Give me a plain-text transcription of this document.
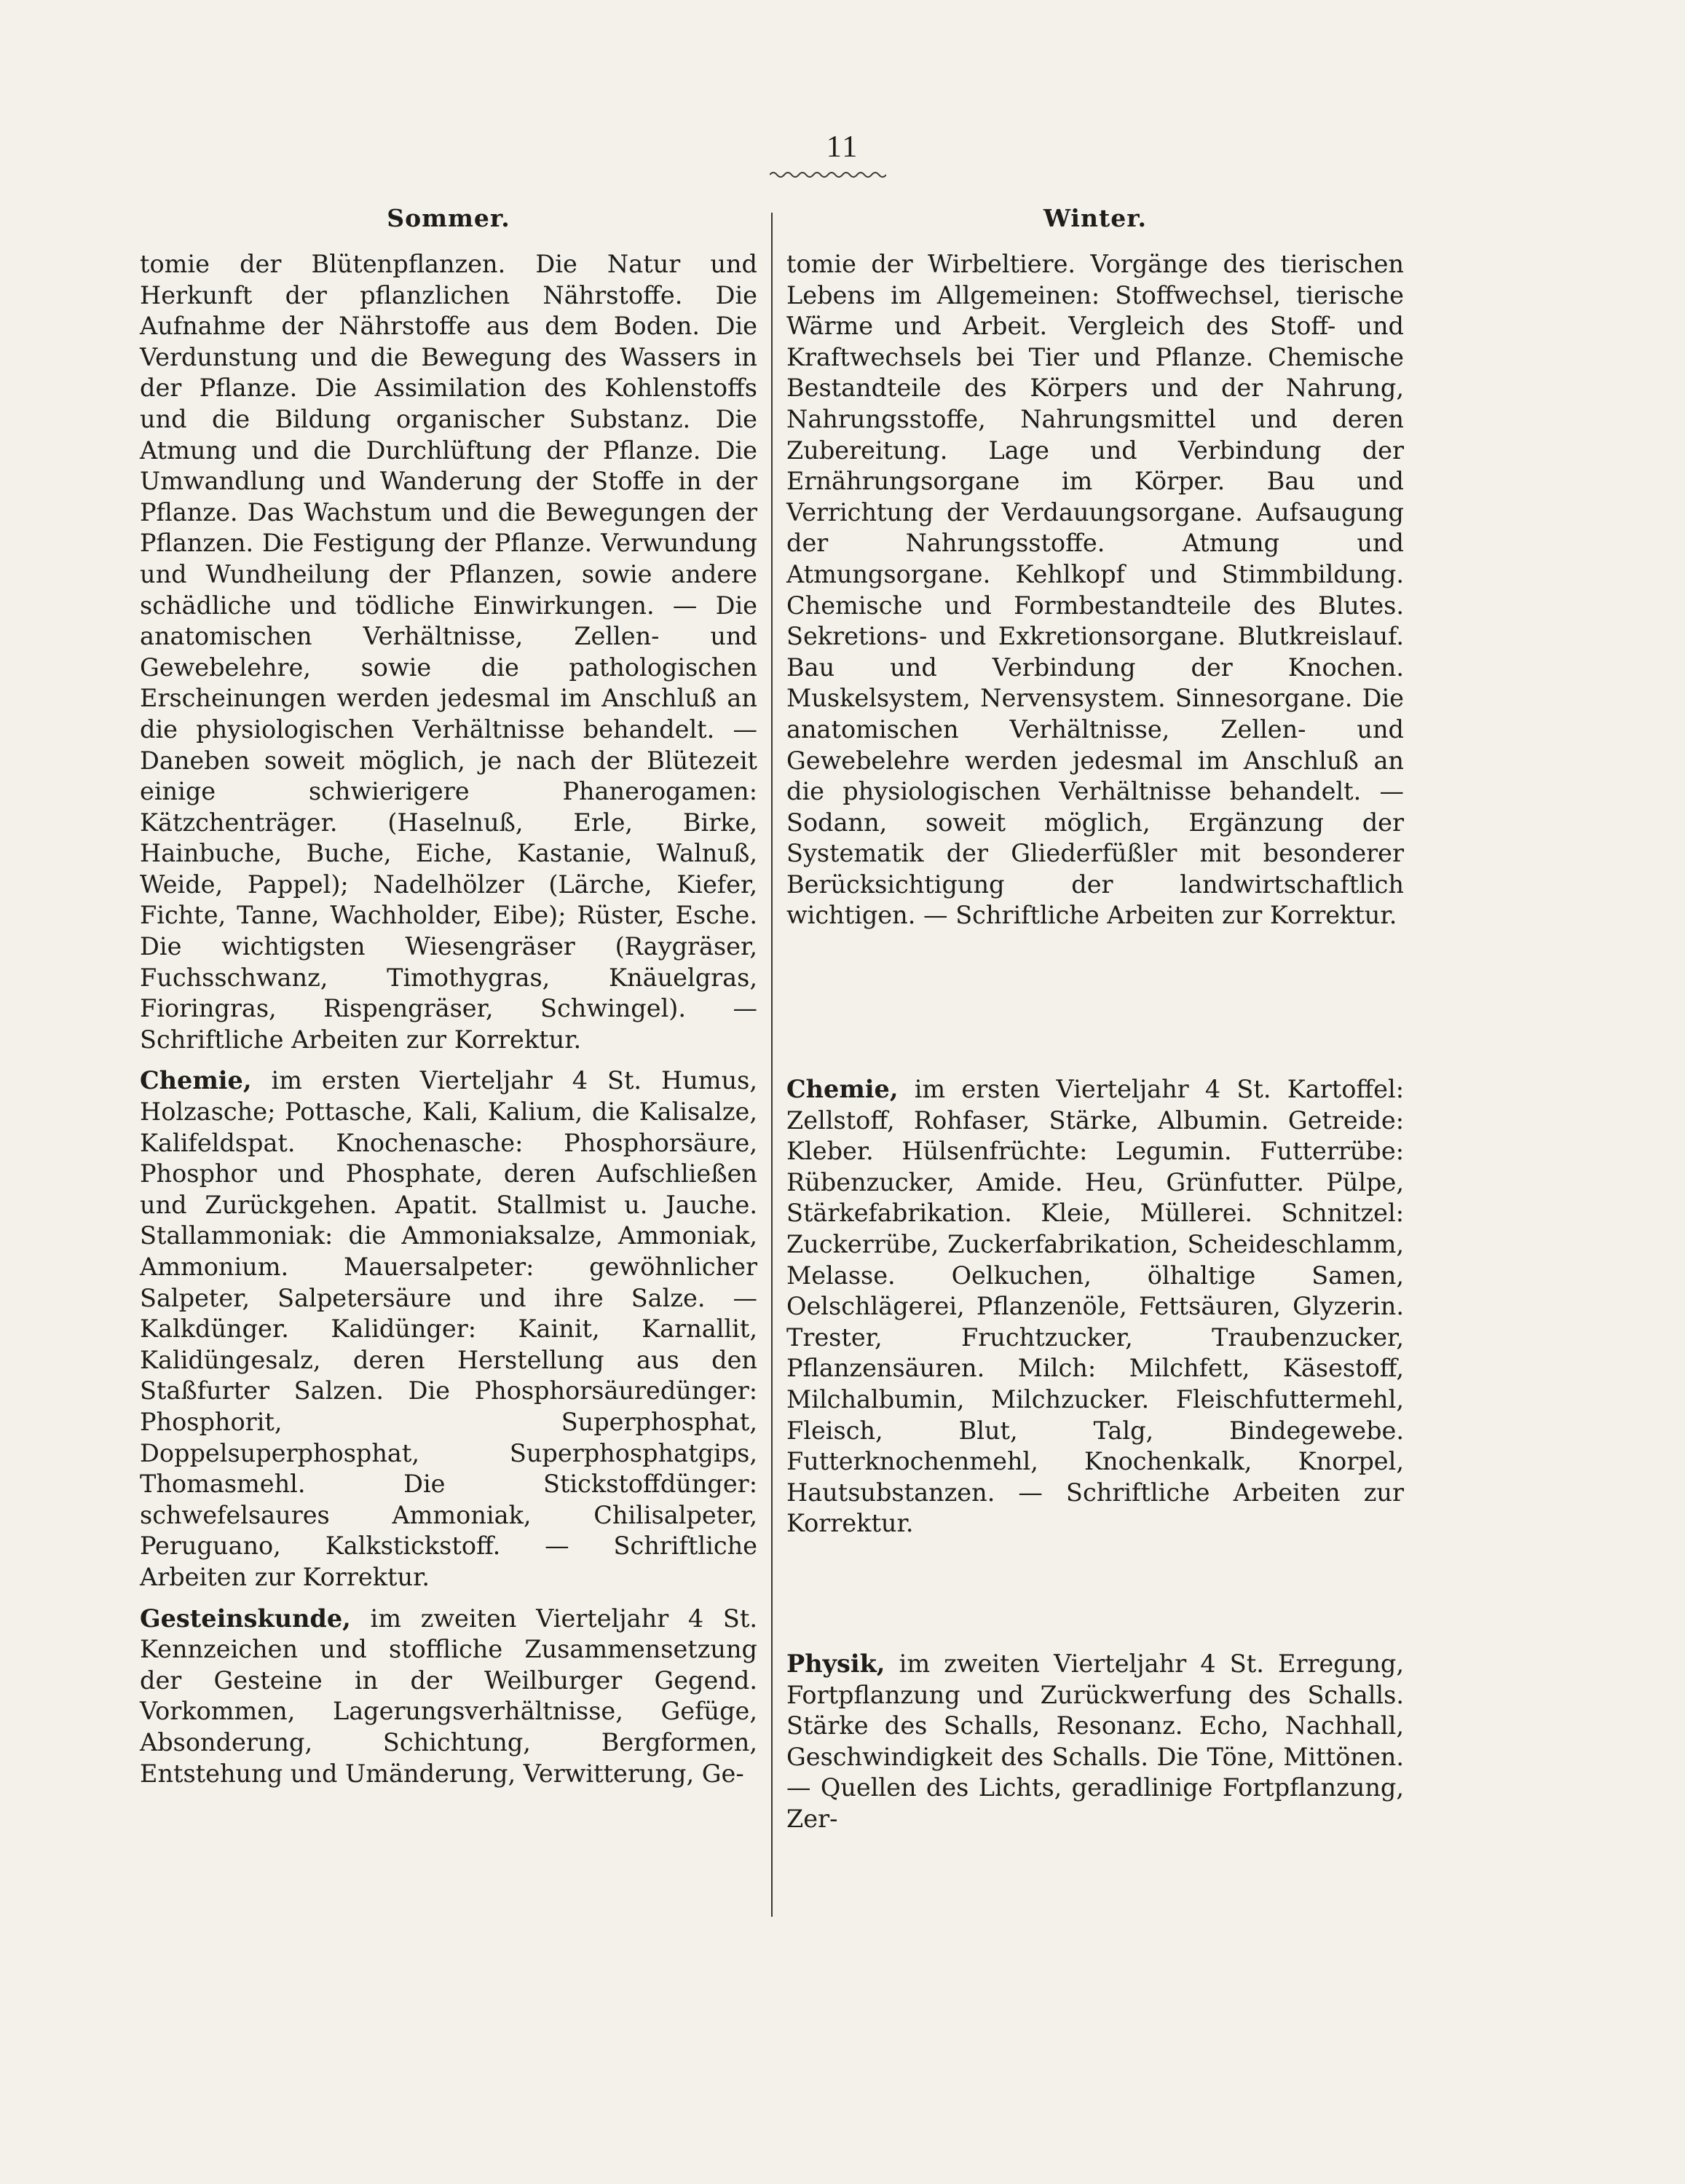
11
Sommer.

tomie der Blütenpflanzen. Die Natur und Herkunft der pflanzlichen Nährstoffe. Die Aufnahme der Nährstoffe aus dem Boden. Die Verdunstung und die Bewegung des Wassers in der Pflanze. Die Assimilation des Kohlenstoffs und die Bildung organischer Substanz. Die Atmung und die Durchlüftung der Pflanze. Die Umwandlung und Wanderung der Stoffe in der Pflanze. Das Wachstum und die Bewegungen der Pflanzen. Die Festigung der Pflanze. Verwundung und Wundheilung der Pflanzen, sowie andere schädliche und tödliche Einwirkungen. — Die anatomischen Verhältnisse, Zellen- und Gewebelehre, sowie die pathologischen Erscheinungen werden jedesmal im Anschluß an die physiologischen Verhältnisse behandelt. — Daneben soweit möglich, je nach der Blütezeit einige schwierigere Phanerogamen: Kätzchenträger. (Haselnuß, Erle, Birke, Hainbuche, Buche, Eiche, Kastanie, Walnuß, Weide, Pappel); Nadelhölzer (Lärche, Kiefer, Fichte, Tanne, Wachholder, Eibe); Rüster, Esche. Die wichtigsten Wiesengräser (Raygräser, Fuchsschwanz, Timothygras, Knäuelgras, Fioringras, Rispengräser, Schwingel). — Schriftliche Arbeiten zur Korrektur.

Chemie, im ersten Vierteljahr 4 St. Humus, Holzasche; Pottasche, Kali, Kalium, die Kalisalze, Kalifeldspat. Knochenasche: Phosphorsäure, Phosphor und Phosphate, deren Aufschließen und Zurückgehen. Apatit. Stallmist u. Jauche. Stallammoniak: die Ammoniaksalze, Ammoniak, Ammonium. Mauersalpeter: gewöhnlicher Salpeter, Salpetersäure und ihre Salze. — Kalkdünger. Kalidünger: Kainit, Karnallit, Kalidüngesalz, deren Herstellung aus den Staßfurter Salzen. Die Phosphorsäuredünger: Phosphorit, Superphosphat, Doppelsuperphosphat, Superphosphatgips, Thomasmehl. Die Stickstoffdünger: schwefelsaures Ammoniak, Chilisalpeter, Peruguano, Kalkstickstoff. — Schriftliche Arbeiten zur Korrektur.

Gesteinskunde, im zweiten Vierteljahr 4 St. Kennzeichen und stoffliche Zusammensetzung der Gesteine in der Weilburger Gegend. Vorkommen, Lagerungsverhältnisse, Gefüge, Absonderung, Schichtung, Bergformen, Entstehung und Umänderung, Verwitterung, Ge-

Winter.

tomie der Wirbeltiere. Vorgänge des tierischen Lebens im Allgemeinen: Stoffwechsel, tierische Wärme und Arbeit. Vergleich des Stoff- und Kraftwechsels bei Tier und Pflanze. Chemische Bestandteile des Körpers und der Nahrung, Nahrungsstoffe, Nahrungsmittel und deren Zubereitung. Lage und Verbindung der Ernährungsorgane im Körper. Bau und Verrichtung der Verdauungsorgane. Aufsaugung der Nahrungsstoffe. Atmung und Atmungsorgane. Kehlkopf und Stimmbildung. Chemische und Formbestandteile des Blutes. Sekretions- und Exkretionsorgane. Blutkreislauf. Bau und Verbindung der Knochen. Muskelsystem, Nervensystem. Sinnesorgane. Die anatomischen Verhältnisse, Zellen- und Gewebelehre werden jedesmal im Anschluß an die physiologischen Verhältnisse behandelt. — Sodann, soweit möglich, Ergänzung der Systematik der Gliederfüßler mit besonderer Berücksichtigung der landwirtschaftlich wichtigen. — Schriftliche Arbeiten zur Korrektur.

Chemie, im ersten Vierteljahr 4 St. Kartoffel: Zellstoff, Rohfaser, Stärke, Albumin. Getreide: Kleber. Hülsenfrüchte: Legumin. Futterrübe: Rübenzucker, Amide. Heu, Grünfutter. Pülpe, Stärkefabrikation. Kleie, Müllerei. Schnitzel: Zuckerrübe, Zuckerfabrikation, Scheideschlamm, Melasse. Oelkuchen, ölhaltige Samen, Oelschlägerei, Pflanzenöle, Fettsäuren, Glyzerin. Trester, Fruchtzucker, Traubenzucker, Pflanzensäuren. Milch: Milchfett, Käsestoff, Milchalbumin, Milchzucker. Fleischfuttermehl, Fleisch, Blut, Talg, Bindegewebe. Futterknochenmehl, Knochenkalk, Knorpel, Hautsubstanzen. — Schriftliche Arbeiten zur Korrektur.

Physik, im zweiten Vierteljahr 4 St. Erregung, Fortpflanzung und Zurückwerfung des Schalls. Stärke des Schalls, Resonanz. Echo, Nachhall, Geschwindigkeit des Schalls. Die Töne, Mittönen. — Quellen des Lichts, geradlinige Fortpflanzung, Zer-
